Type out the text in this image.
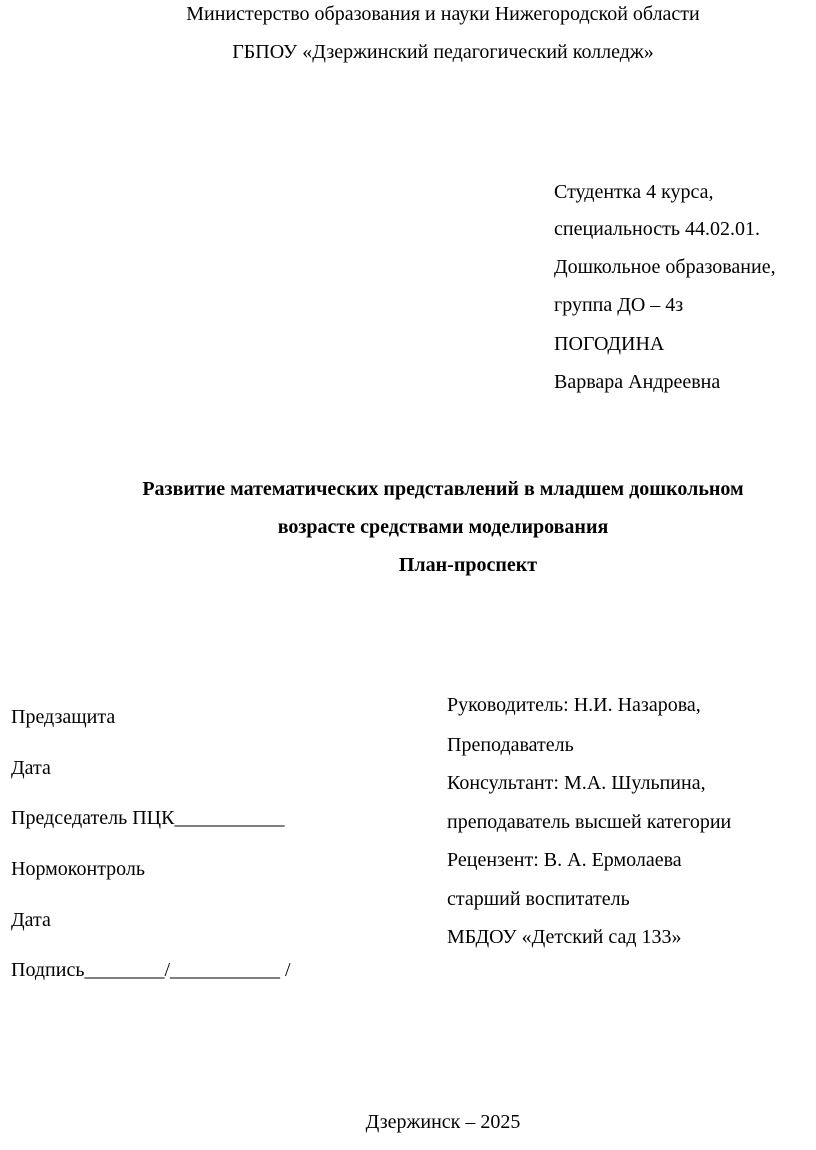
Министерство образования и науки Нижегородской области
ГБПОУ «Дзержинский педагогический колледж»
Студентка 4 курса,
специальность 44.02.01.
Дошкольное образование,
группа ДО – 4з
ПОГОДИНА
Варвара Андреевна
Развитие математических представлений в младшем дошкольном
возрасте средствами моделирования
План-проспект
Предзащита
Дата
Председатель ПЦК___________
Нормоконтроль
Дата
Подпись________/___________ /
Руководитель: Н.И. Назарова,
Преподаватель
Консультант: М.А. Шульпина,
преподаватель высшей категории
Рецензент: В. А. Ермолаева
старший воспитатель
МБДОУ «Детский сад 133»
Дзержинск – 2025
